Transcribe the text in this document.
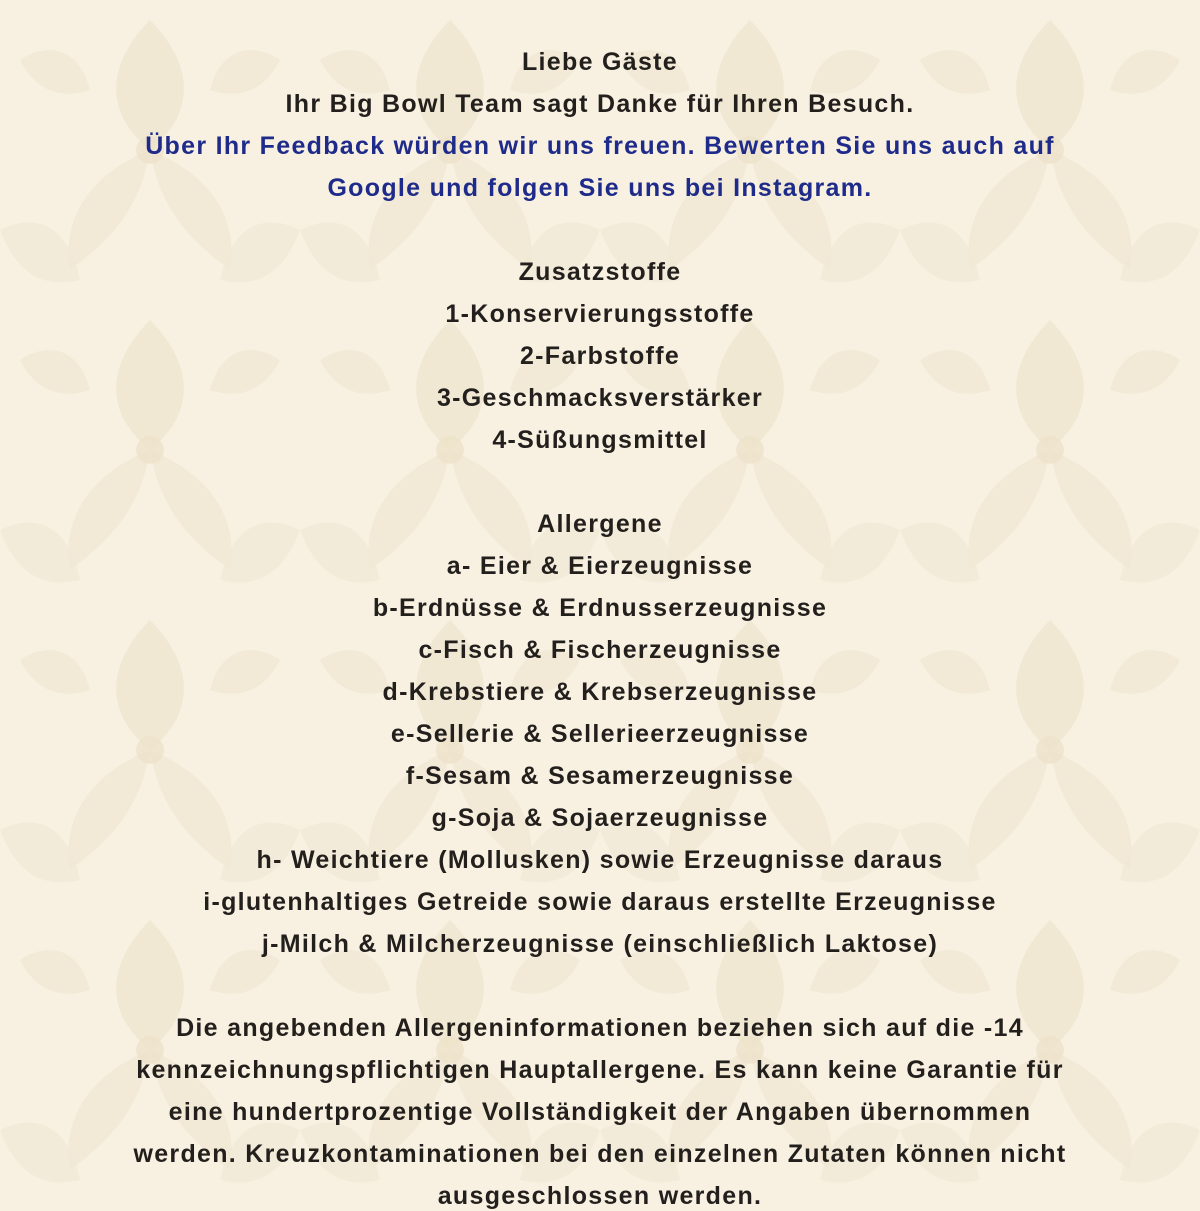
Liebe Gäste
Ihr Big Bowl Team sagt Danke für Ihren Besuch.
Über Ihr Feedback würden wir uns freuen. Bewerten Sie uns auch auf
Google und folgen Sie uns bei Instagram.
Zusatzstoffe
1-Konservierungsstoffe
2-Farbstoffe
3-Geschmacksverstärker
4-Süßungsmittel
Allergene
a- Eier & Eierzeugnisse
b-Erdnüsse & Erdnusserzeugnisse
c-Fisch & Fischerzeugnisse
d-Krebstiere & Krebserzeugnisse
e-Sellerie & Sellerieerzeugnisse
f-Sesam & Sesamerzeugnisse
g-Soja & Sojaerzeugnisse
h- Weichtiere (Mollusken) sowie Erzeugnisse daraus
i-glutenhaltiges Getreide sowie daraus erstellte Erzeugnisse
j-Milch & Milcherzeugnisse (einschließlich Laktose)
Die angebenden Allergeninformationen beziehen sich auf die -14
kennzeichnungspflichtigen Hauptallergene. Es kann keine Garantie für
eine hundertprozentige Vollständigkeit der Angaben übernommen
werden. Kreuzkontaminationen bei den einzelnen Zutaten können nicht
ausgeschlossen werden.
